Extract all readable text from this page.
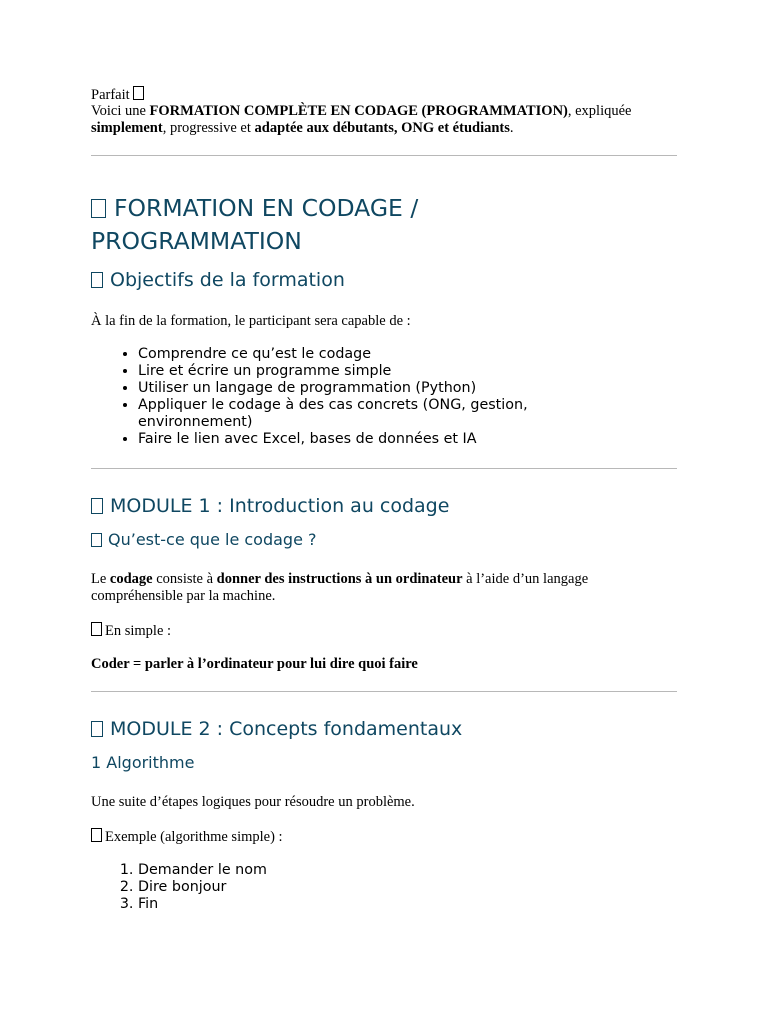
Parfait

Voici une FORMATION COMPLÈTE EN CODAGE (PROGRAMMATION), expliquée
simplement, progressive et adaptée aux débutants, ONG et étudiants.

FORMATION EN CODAGE /
PROGRAMMATION
Objectifs de la formation

À la fin de la formation, le participant sera capable de :

• Comprendre ce qu’est le codage
• Lire et écrire un programme simple
• Utiliser un langage de programmation (Python)
• Appliquer le codage à des cas concrets (ONG, gestion, environnement)
• Faire le lien avec Excel, bases de données et IA
MODULE 1 : Introduction au codage
Qu’est-ce que le codage ?

Le codage consiste à donner des instructions à un ordinateur à l’aide d’un langage compréhensible par la machine.

En simple :

Coder = parler à l’ordinateur pour lui dire quoi faire

MODULE 2 : Concepts fondamentaux
1 Algorithme

Une suite d’étapes logiques pour résoudre un problème.

Exemple (algorithme simple) :

1. Demander le nom
2. Dire bonjour
3. Fin
